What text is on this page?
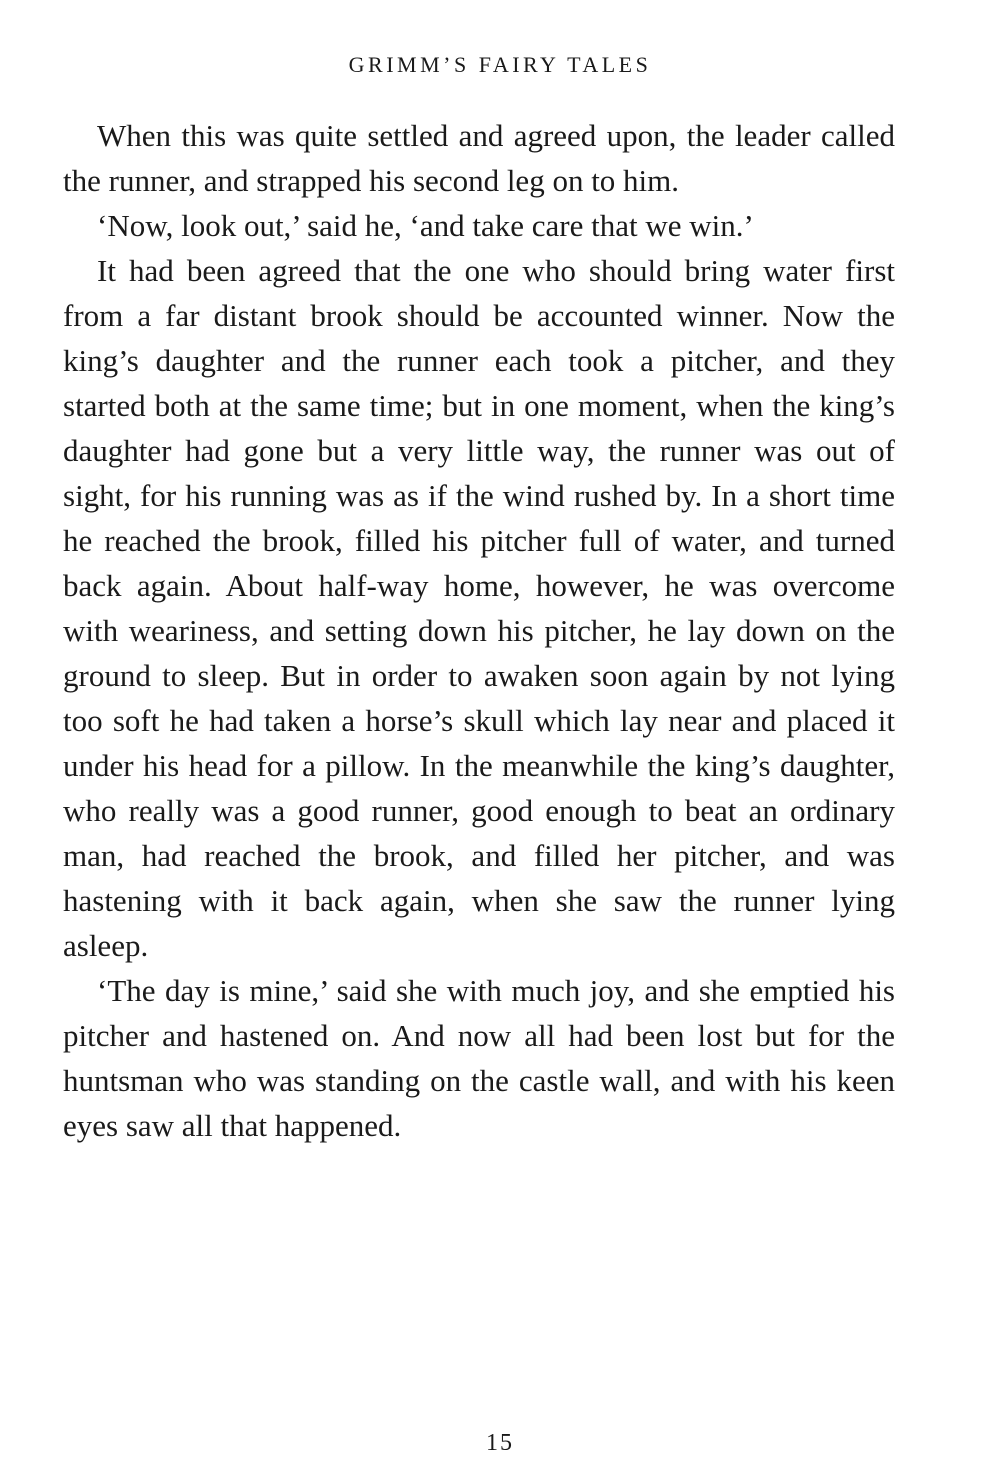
GRIMM’S FAIRY TALES

When this was quite settled and agreed upon, the leader called the runner, and strapped his second leg on to him.

‘Now, look out,’ said he, ‘and take care that we win.’

It had been agreed that the one who should bring water first from a far distant brook should be accounted winner. Now the king’s daughter and the runner each took a pitcher, and they started both at the same time; but in one moment, when the king’s daughter had gone but a very little way, the runner was out of sight, for his running was as if the wind rushed by. In a short time he reached the brook, filled his pitcher full of water, and turned back again. About half-way home, however, he was overcome with weariness, and setting down his pitcher, he lay down on the ground to sleep. But in order to awaken soon again by not lying too soft he had taken a horse’s skull which lay near and placed it under his head for a pillow. In the meanwhile the king’s daughter, who really was a good runner, good enough to beat an ordinary man, had reached the brook, and filled her pitcher, and was hastening with it back again, when she saw the runner lying asleep.

‘The day is mine,’ said she with much joy, and she emptied his pitcher and hastened on. And now all had been lost but for the huntsman who was standing on the castle wall, and with his keen eyes saw all that happened.

15
